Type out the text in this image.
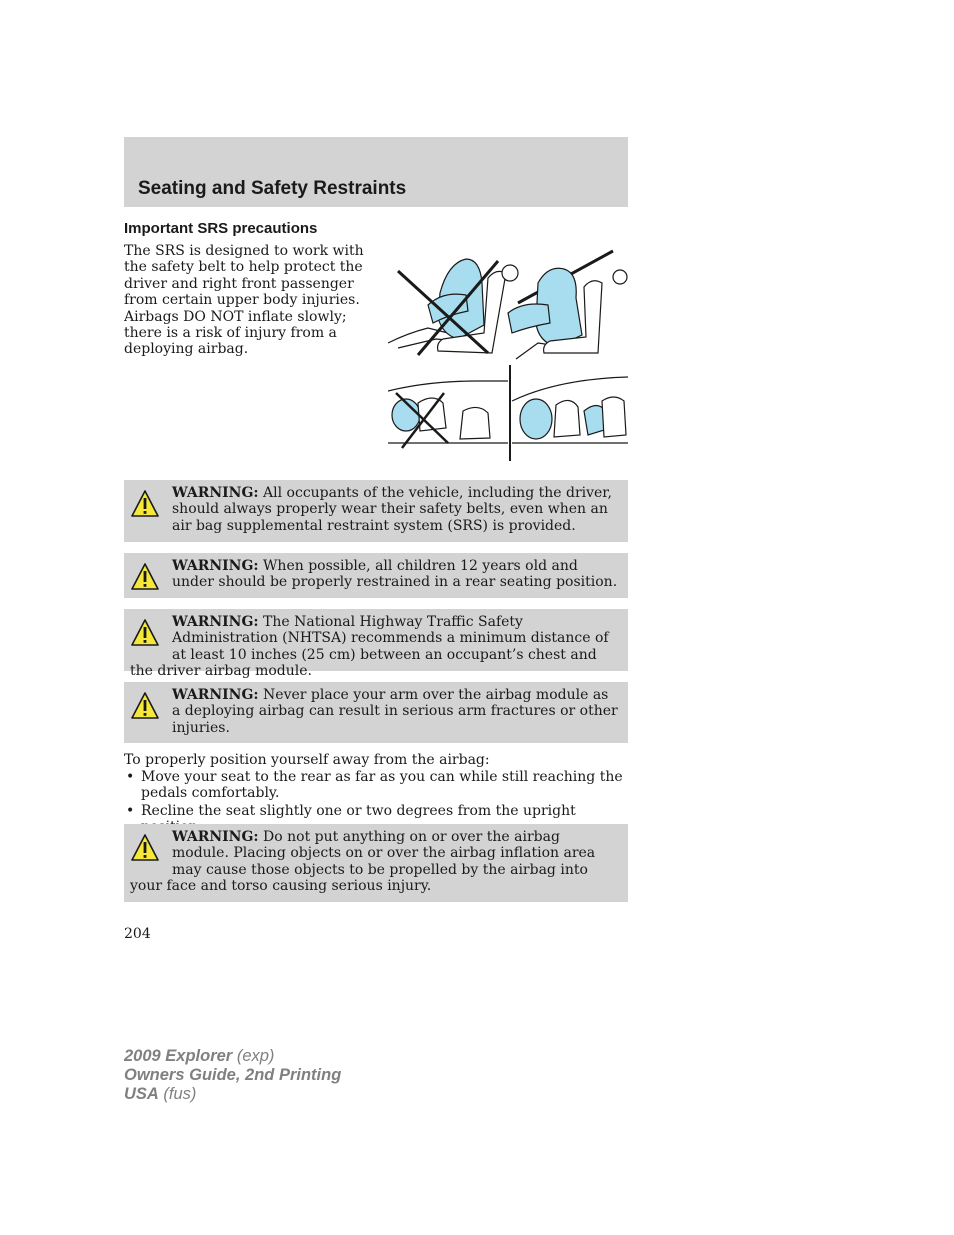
Seating and Safety Restraints
Important SRS precautions

The SRS is designed to work with the safety belt to help protect the driver and right front passenger from certain upper body injuries. Airbags DO NOT inflate slowly; there is a risk of injury from a deploying airbag.

WARNING: All occupants of the vehicle, including the driver, should always properly wear their safety belts, even when an air bag supplemental restraint system (SRS) is provided.
WARNING: When possible, all children 12 years old and under should be properly restrained in a rear seating position.
WARNING: The National Highway Traffic Safety Administration (NHTSA) recommends a minimum distance of at least 10 inches (25 cm) between an occupant’s chest and the driver airbag module.
WARNING: Never place your arm over the airbag module as a deploying airbag can result in serious arm fractures or other injuries.

To properly position yourself away from the airbag:

• Move your seat to the rear as far as you can while still reaching the pedals comfortably.
• Recline the seat slightly one or two degrees from the upright
WARNING: Do not put anything on or over the airbag module. Placing objects on or over the airbag inflation area may cause those objects to be propelled by the airbag into your face and torso causing serious injury.
204
2009 Explorer (exp)
Owners Guide, 2nd Printing
USA (fus)
